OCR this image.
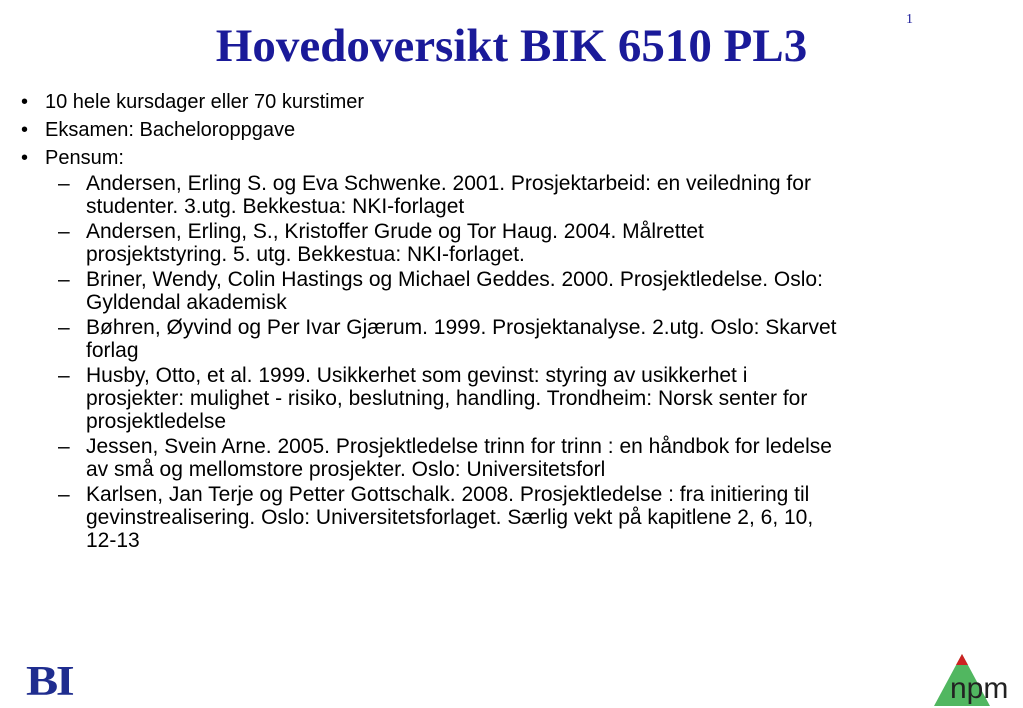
1
Hovedoversikt BIK 6510 PL3
• 10 hele kursdager eller 70 kurstimer
• Eksamen: Bacheloroppgave
• Pensum:
– Andersen, Erling S. og Eva Schwenke. 2001. Prosjektarbeid: en veiledning for
studenter. 3.utg. Bekkestua: NKI-forlaget
– Andersen, Erling, S., Kristoffer Grude og Tor Haug. 2004. Målrettet
prosjektstyring. 5. utg. Bekkestua: NKI-forlaget.
– Briner, Wendy, Colin Hastings og Michael Geddes. 2000. Prosjektledelse. Oslo:
Gyldendal akademisk
– Bøhren, Øyvind og Per Ivar Gjærum. 1999. Prosjektanalyse. 2.utg. Oslo: Skarvet
forlag
– Husby, Otto, et al. 1999. Usikkerhet som gevinst: styring av usikkerhet i
prosjekter: mulighet - risiko, beslutning, handling. Trondheim: Norsk senter for
prosjektledelse
– Jessen, Svein Arne. 2005. Prosjektledelse trinn for trinn : en håndbok for ledelse
av små og mellomstore prosjekter. Oslo: Universitetsforl
– Karlsen, Jan Terje og Petter Gottschalk. 2008. Prosjektledelse : fra initiering til
gevinstrealisering. Oslo: Universitetsforlaget. Særlig vekt på kapitlene 2, 6, 10,
12-13
BI	npm
